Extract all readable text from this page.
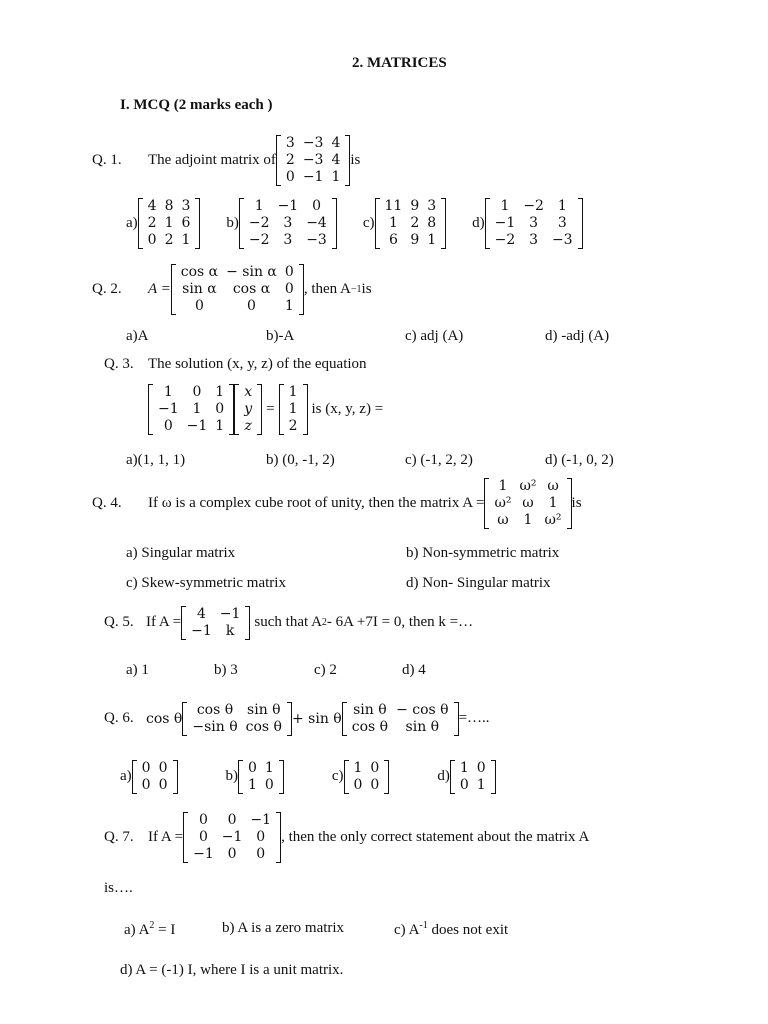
2. MATRICES
I. MCQ (2 marks each )
Q. 1.	The adjoint matrix of
3	−3	4
2	−3	4
0	−1	1
is
a)
4	8	3
2	1	6
0	2	1
b)
1	−1	0
−2	3	−4
−2	3	−3
c)
11	9	3
1	2	8
6	9	1
d)
1	−2	1
−1	3	3
−2	3	−3
Q. 2.	A =
cos α	− sin α	0
sin α	cos α	0
0	0	1
, then A −1 is
a)A	b)-A	c) adj (A)	d) -adj (A)
Q. 3. The solution (x, y, z) of the equation
1	0	1
−1	1	0
0	−1	1
x
y
z
=
1
1
2
is (x, y, z) =
a)(1, 1, 1)	b) (0, -1, 2)	c) (-1, 2, 2)	d) (-1, 0, 2)
Q. 4.	If ω is a complex cube root of unity, then the matrix A =
1	ω²	ω
ω²	ω	1
ω	1	ω²
is
a) Singular matrix	b) Non-symmetric matrix
c) Skew-symmetric matrix	d) Non- Singular matrix
Q. 5. If A =
4	−1
−1	k
such that A 2 - 6A +7I = 0, then k =…
a) 1	b) 3	c) 2	d) 4
Q. 6. cos θ
cos θ	sin θ
−sin θ	cos θ
+ sin θ
sin θ	− cos θ
cos θ	sin θ
=…..
a)
0	0
0	0
b)
0	1
1	0
c)
1	0
0	0
d)
1	0
0	1
Q. 7. If A =
0	0	−1
0	−1	0
−1	0	0
, then the only correct statement about the matrix A
is….
a) $A^2 = I$	b) A is a zero matrix	c) $A^{-1}$ does not exit
d) A = (-1) I, where I is a unit matrix.
